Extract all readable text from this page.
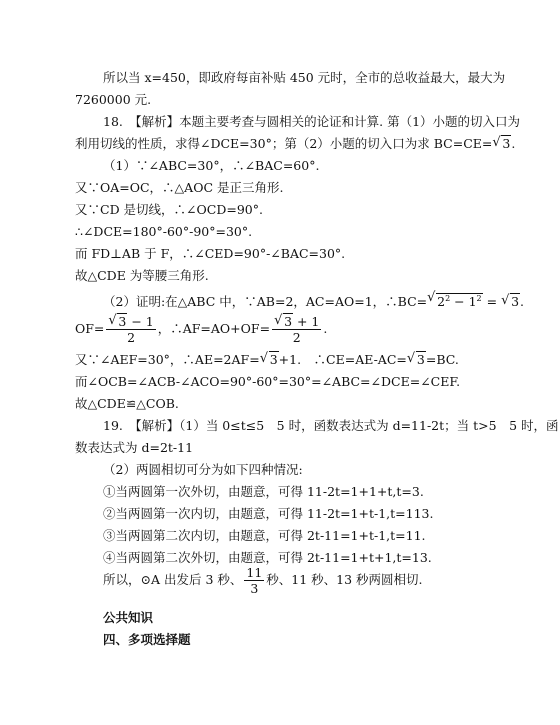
所以当 x=450，即政府每亩补贴 450 元时，全市的总收益最大，最大为
7260000 元.
18.　【解析】本题主要考查与圆相关的论证和计算. 第（1）小题的切入口为
利用切线的性质，求得∠DCE=30°；第（2）小题的切入口为求 BC=CE= √ 3.
（1）∵∠ABC=30°，∴∠BAC=60°.
又∵OA=OC，∴△AOC 是正三角形.
又∵CD 是切线，∴∠OCD=90°.
∴∠DCE=180°-60°-90°=30°.
而 FD⊥AB 于 F，∴∠CED=90°-∠BAC=30°.
故△CDE 为等腰三角形.
（2）证明:在△ABC 中，∵AB=2，AC=AO=1，∴BC= √ $2^2 - 1^2$ = √ 3.
OF= √ $\frac{3 - 1}{2}$ ，∴AF=AO+OF= √ $\frac{3 + 1}{2}$ .
又∵∠AEF=30°，∴AE=2AF= √ 3+1.　∴CE=AE-AC= √ 3=BC.
而∠OCB=∠ACB-∠ACO=90°-60°=30°=∠ABC=∠DCE=∠CEF.
故△CDE≌△COB.
19.　【解析】（1）当 0≤t≤5　5 时，函数表达式为 d=11-2t；当 t>5　5 时，函
数表达式为 d=2t-11
（2）两圆相切可分为如下四种情况:
①当两圆第一次外切，由题意，可得 11-2t=1+1+t,t=3.
②当两圆第一次内切，由题意，可得 11-2t=1+t-1,t=113.
③当两圆第二次内切，由题意，可得 2t-11=1+t-1,t=11.
④当两圆第二次外切，由题意，可得 2t-11=1+t+1,t=13.
所以，⊙A 出发后 3 秒、 $\frac{11}{3}$ 秒、11 秒、13 秒两圆相切.
公共知识
四、多项选择题
